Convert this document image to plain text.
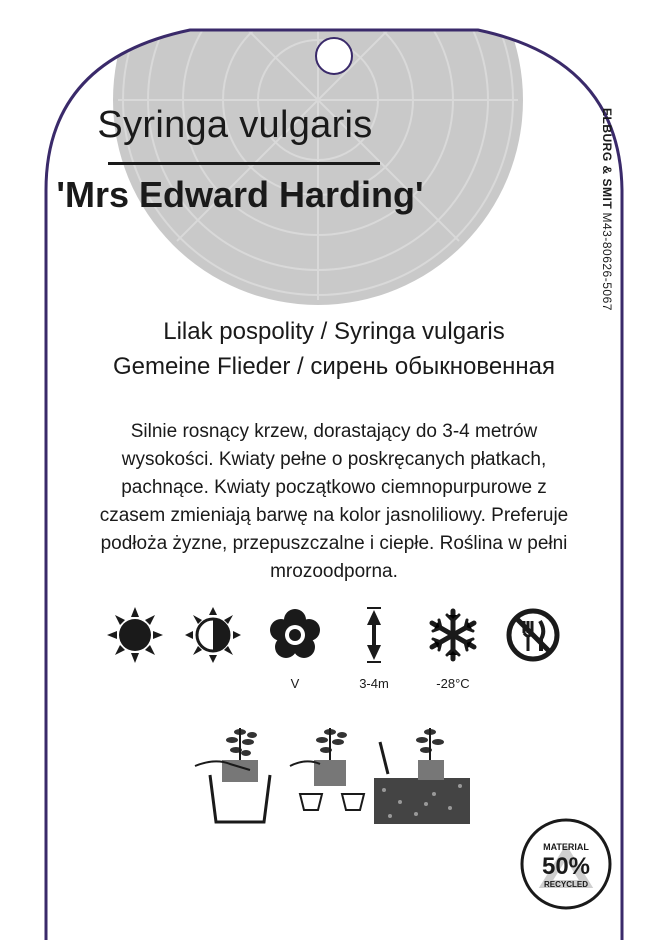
Syringa vulgaris
'Mrs Edward Harding'	ELBURG & SMIT M43-80626-5067
Lilak pospolity / Syringa vulgaris
Gemeine Flieder / сирень обыкновенная
Silnie rosnący krzew, dorastający do 3-4 metrów
wysokości. Kwiaty pełne o poskręcanych płatkach,
pachnące. Kwiaty początkowo ciemnopurpurowe z
czasem zmieniają barwę na kolor jasnoliliowy. Preferuje
podłoża żyzne, przepuszczalne i ciepłe. Roślina w pełni
mrozoodporna.
V	3-4m	-28°C
MATERIAL
50%
RECYCLED
